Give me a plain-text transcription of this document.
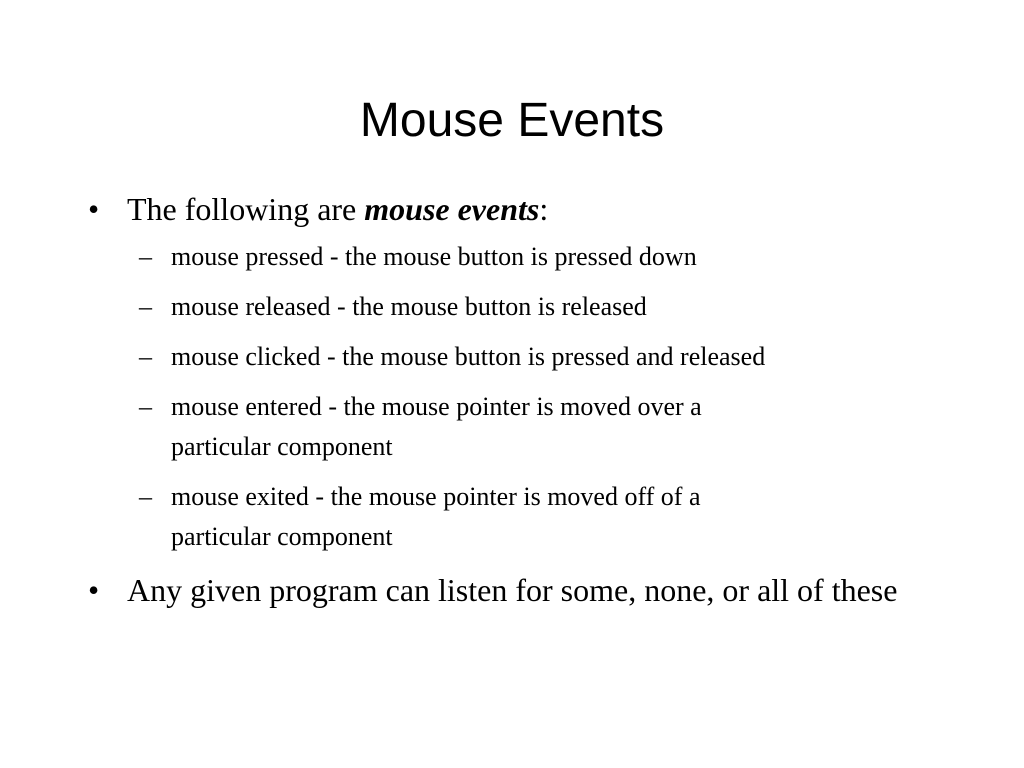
Mouse Events
• The following are mouse events:
– mouse pressed - the mouse button is pressed down
– mouse released - the mouse button is released
– mouse clicked - the mouse button is pressed and released
– mouse entered - the mouse pointer is moved over a particular component
– mouse exited - the mouse pointer is moved off of a particular component
• Any given program can listen for some, none, or all of these
